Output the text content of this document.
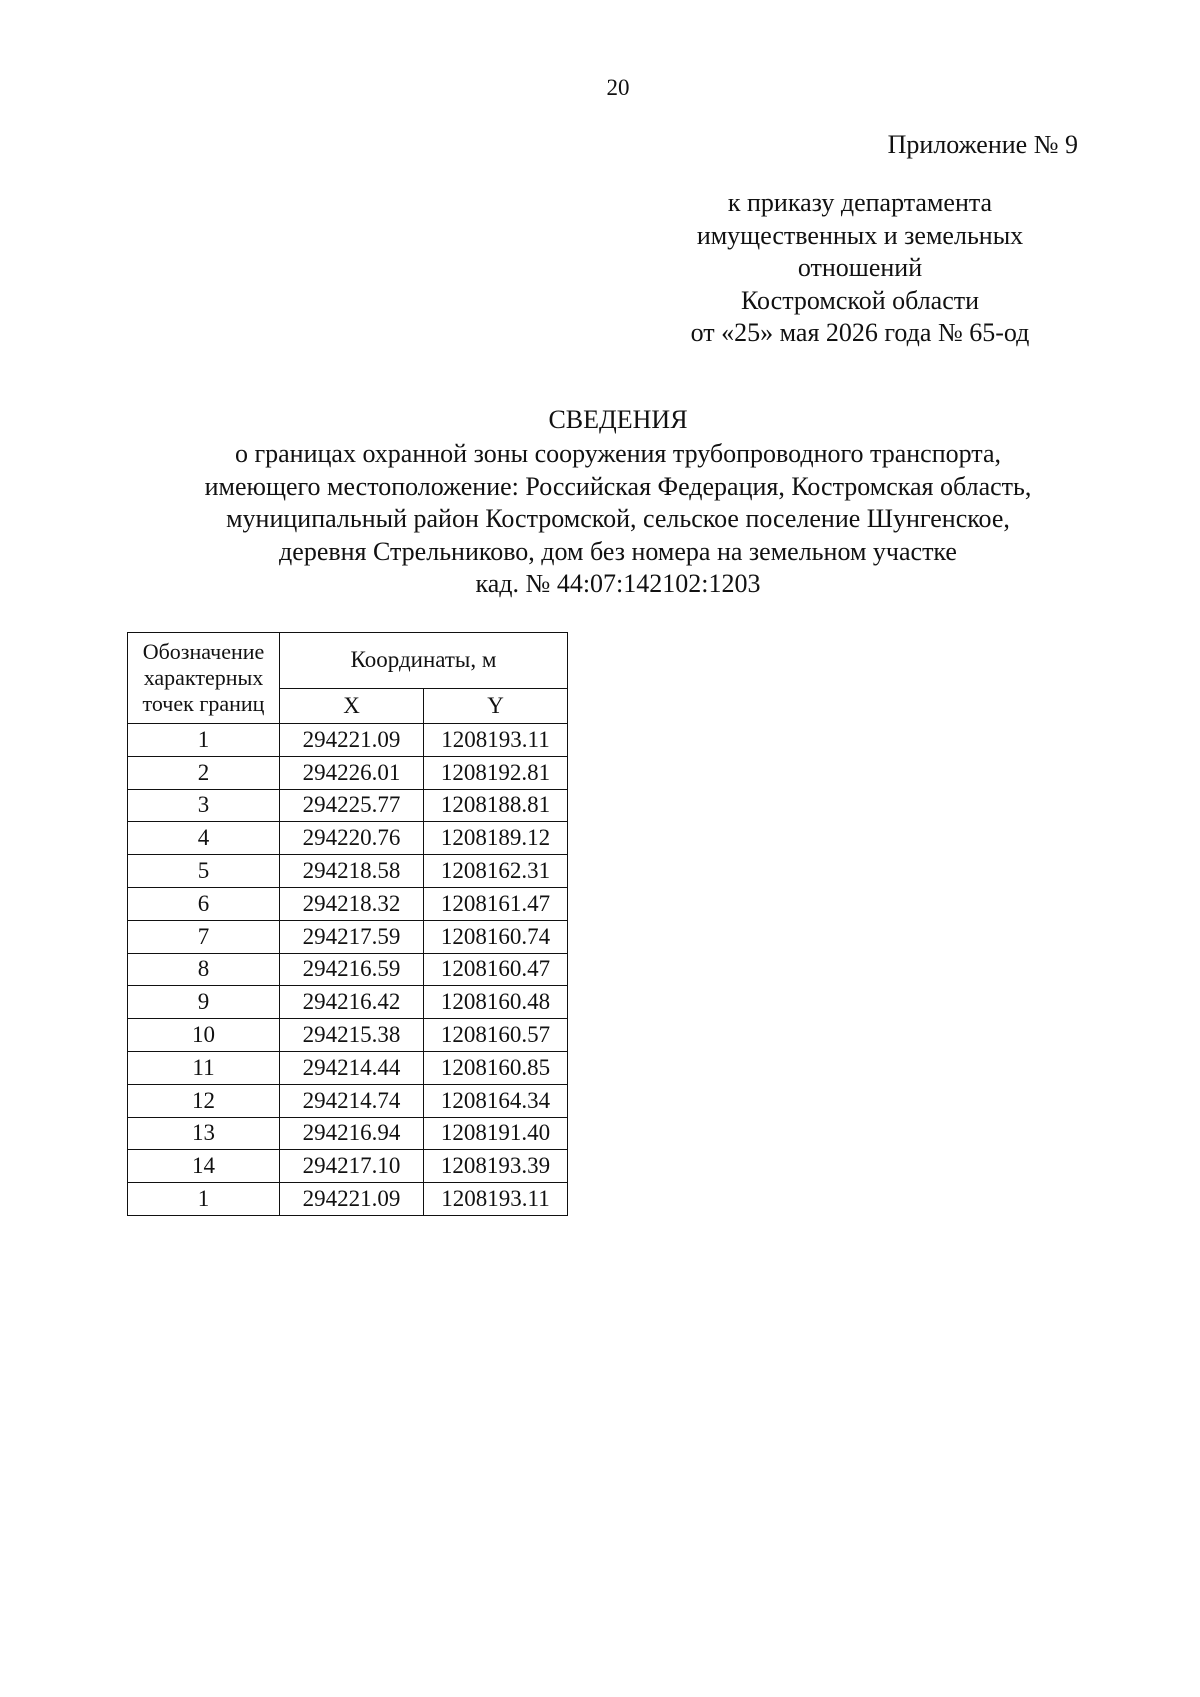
20
Приложение № 9
к приказу департамента
имущественных и земельных
отношений
Костромской области
от «25» мая 2026 года № 65-од
СВЕДЕНИЯ
о границах охранной зоны сооружения трубопроводного транспорта,
имеющего местоположение: Российская Федерация, Костромская область,
муниципальный район Костромской, сельское поселение Шунгенское,
деревня Стрельниково, дом без номера на земельном участке
кад. № 44:07:142102:1203
Обозначение
характерных
точек границ	Координаты, м	
	X	Y
1	294221.09	1208193.11
2	294226.01	1208192.81
3	294225.77	1208188.81
4	294220.76	1208189.12
5	294218.58	1208162.31
6	294218.32	1208161.47
7	294217.59	1208160.74
8	294216.59	1208160.47
9	294216.42	1208160.48
10	294215.38	1208160.57
11	294214.44	1208160.85
12	294214.74	1208164.34
13	294216.94	1208191.40
14	294217.10	1208193.39
1	294221.09	1208193.11
